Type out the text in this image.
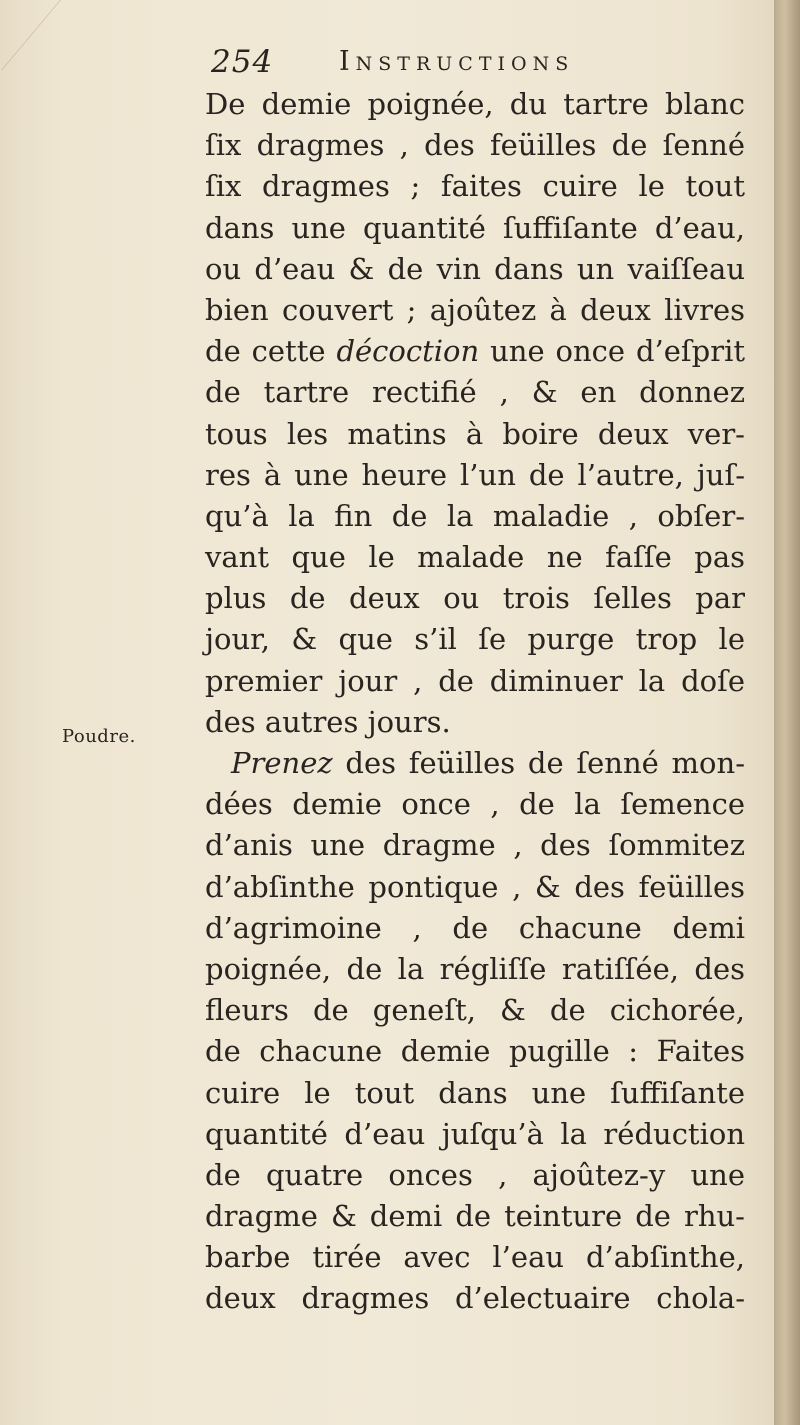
254 Instructions
Poudre.
De demie poignée, du tartre blanc
ſix dragmes , des feüilles de ſenné
ſix dragmes ; faites cuire le tout
dans une quantité ſuffiſante d’eau,
ou d’eau & de vin dans un vaiſſeau
bien couvert ; ajoûtez à deux livres
de cette décoction une once d’eſprit
de tartre rectifié , & en donnez
tous les matins à boire deux ver-
res à une heure l’un de l’autre, juſ-
qu’à la fin de la maladie , obſer-
vant que le malade ne faſſe pas
plus de deux ou trois ſelles par
jour, & que s’il ſe purge trop le
premier jour , de diminuer la doſe
des autres jours.
Prenez des feüilles de ſenné mon-
dées demie once , de la ſemence
d’anis une dragme , des ſommitez
d’abſinthe pontique , & des feüilles
d’agrimoine , de chacune demi
poignée, de la régliſſe ratiſſée, des
fleurs de geneſt, & de cichorée,
de chacune demie pugille : Faites
cuire le tout dans une ſuffiſante
quantité d’eau juſqu’à la réduction
de quatre onces , ajoûtez-y une
dragme & demi de teinture de rhu-
barbe tirée avec l’eau d’abſinthe,
deux dragmes d’electuaire chola-
